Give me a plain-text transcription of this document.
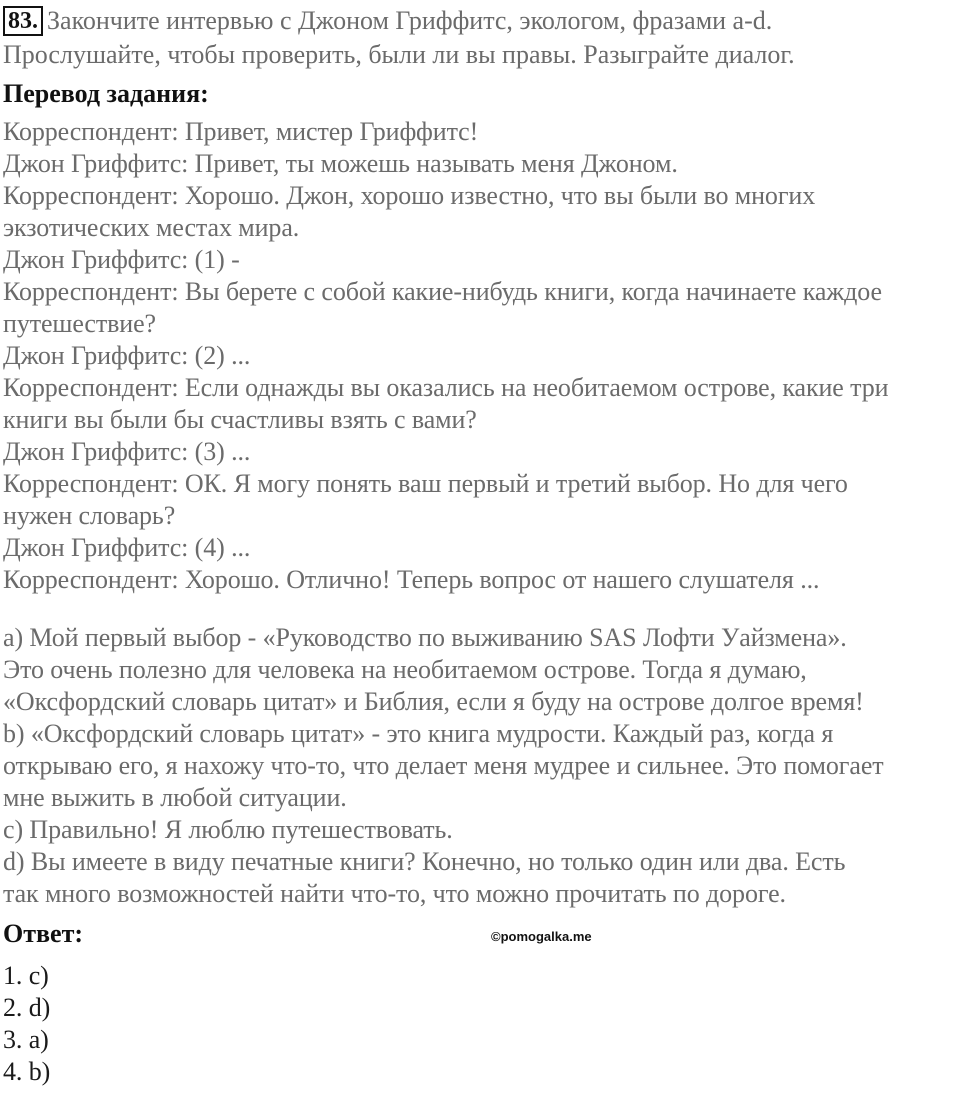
83. Закончите интервью с Джоном Гриффитс, экологом, фразами a-d.
Прослушайте, чтобы проверить, были ли вы правы. Разыграйте диалог.
Перевод задания:
Корреспондент: Привет, мистер Гриффитс!
Джон Гриффитс: Привет, ты можешь называть меня Джоном.
Корреспондент: Хорошо. Джон, хорошо известно, что вы были во многих
экзотических местах мира.
Джон Гриффитс: (1) -
Корреспондент: Вы берете с собой какие-нибудь книги, когда начинаете каждое
путешествие?
Джон Гриффитс: (2) ...
Корреспондент: Если однажды вы оказались на необитаемом острове, какие три
книги вы были бы счастливы взять с вами?
Джон Гриффитс: (3) ...
Корреспондент: ОК. Я могу понять ваш первый и третий выбор. Но для чего
нужен словарь?
Джон Гриффитс: (4) ...
Корреспондент: Хорошо. Отлично! Теперь вопрос от нашего слушателя ...
a) Мой первый выбор - «Руководство по выживанию SAS Лофти Уайзмена».
Это очень полезно для человека на необитаемом острове. Тогда я думаю,
«Оксфордский словарь цитат» и Библия, если я буду на острове долгое время!
b) «Оксфордский словарь цитат» - это книга мудрости. Каждый раз, когда я
открываю его, я нахожу что-то, что делает меня мудрее и сильнее. Это помогает
мне выжить в любой ситуации.
c) Правильно! Я люблю путешествовать.
d) Вы имеете в виду печатные книги? Конечно, но только один или два. Есть
так много возможностей найти что-то, что можно прочитать по дороге.
Ответ:
1. c)
2. d)
3. a)
4. b)
©pomogalka.me
